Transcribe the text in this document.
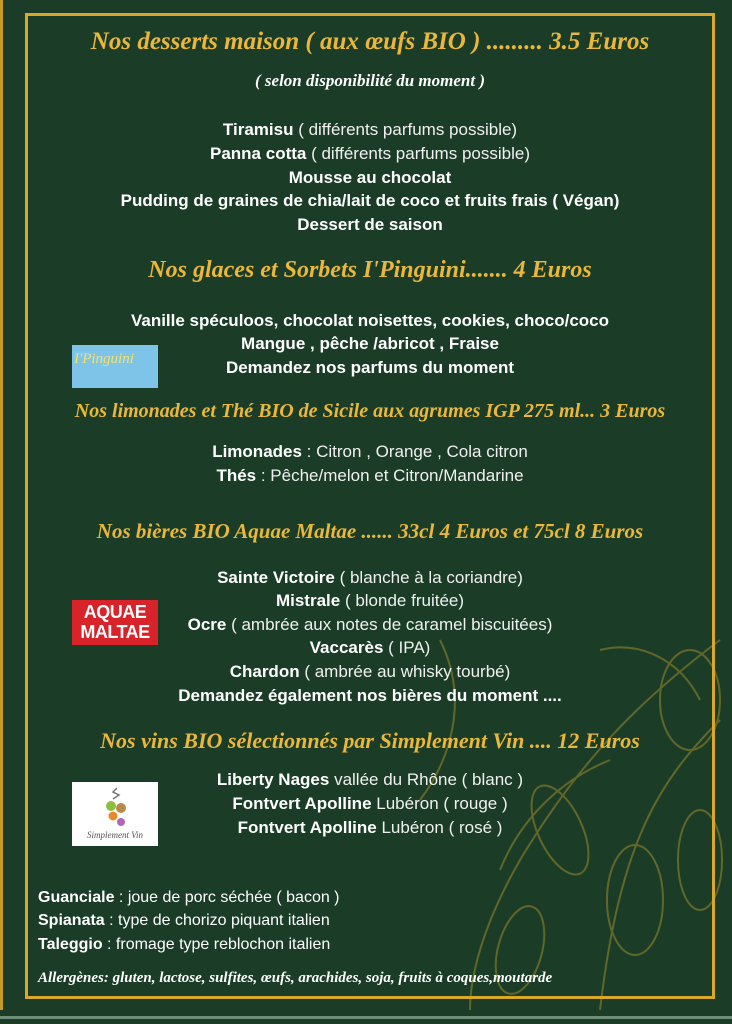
Nos desserts maison ( aux œufs BIO ) ......... 3.5 Euros
( selon disponibilité du moment )
Tiramisu ( différents parfums possible)
Panna cotta ( différents parfums possible)
Mousse au chocolat
Pudding de graines de chia/lait de coco et fruits frais ( Végan)
Dessert de saison
Nos glaces et Sorbets I'Pinguini....... 4 Euros
I'Pinguini
Vanille spéculoos, chocolat noisettes, cookies, choco/coco
Mangue , pêche /abricot , Fraise
Demandez nos parfums du moment
Nos limonades et Thé BIO de Sicile aux agrumes IGP 275 ml... 3 Euros
Limonades : Citron , Orange , Cola citron
Thés : Pêche/melon et Citron/Mandarine
Nos bières BIO Aquae Maltae ...... 33cl 4 Euros et 75cl 8 Euros
AQUAE MALTAE
Sainte Victoire ( blanche à la coriandre)
Mistrale ( blonde fruitée)
Ocre ( ambrée aux notes de caramel biscuitées)
Vaccarès ( IPA)
Chardon ( ambrée au whisky tourbé)
Demandez également nos bières du moment ....
Nos vins BIO sélectionnés par Simplement Vin .... 12 Euros
Simplement Vin
Liberty Nages vallée du Rhône ( blanc )
Fontvert Apolline Lubéron ( rouge )
Fontvert Apolline Lubéron ( rosé )
Guanciale : joue de porc séchée ( bacon )
Spianata : type de chorizo piquant italien
Taleggio : fromage type reblochon italien
Allergènes: gluten, lactose, sulfites, œufs, arachides, soja, fruits à coques,moutarde
